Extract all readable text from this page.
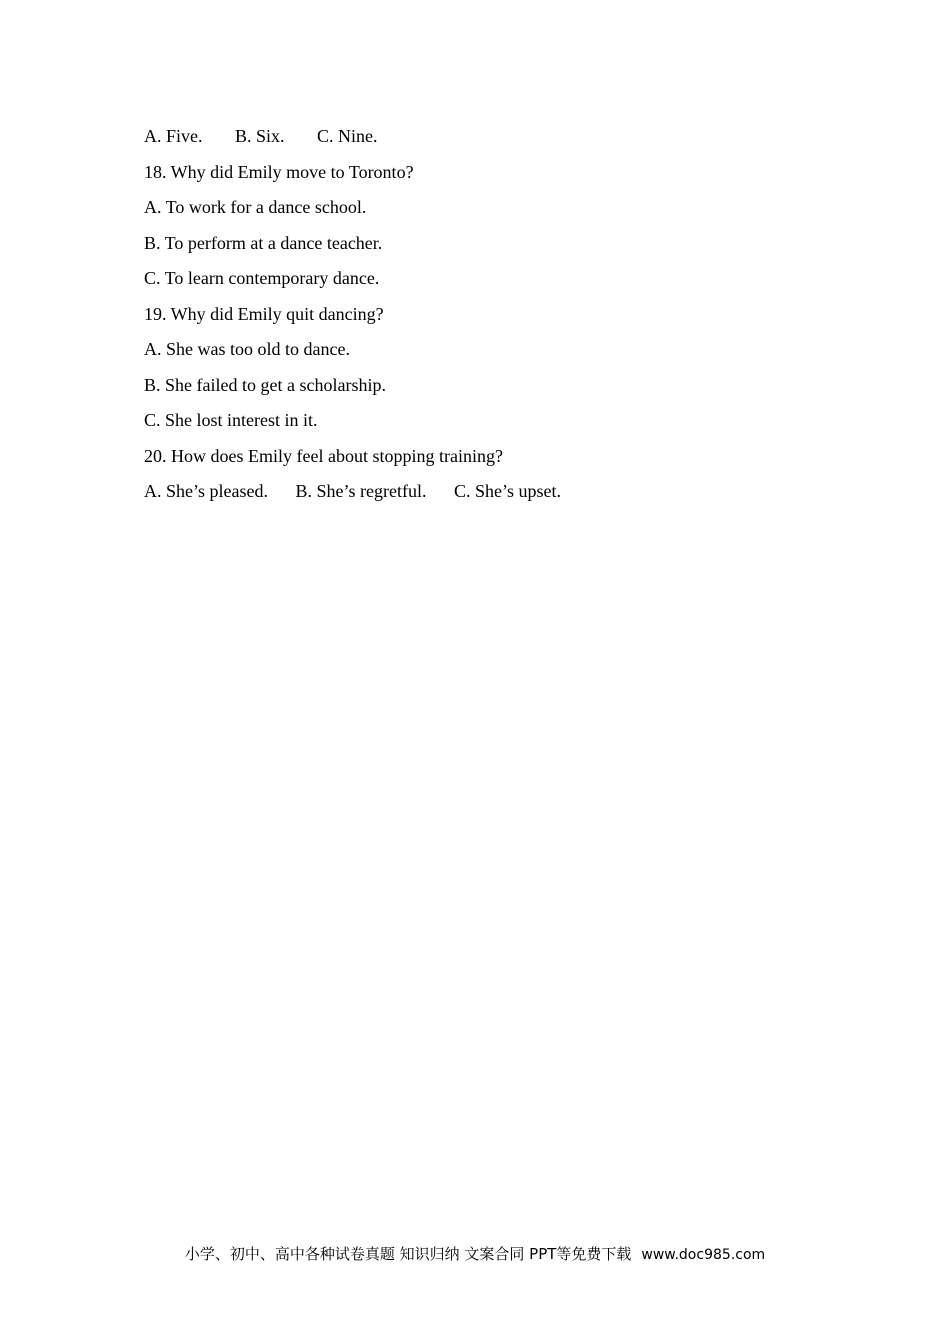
A. Five. B. Six. C. Nine.
18. Why did Emily move to Toronto?
A. To work for a dance school.
B. To perform at a dance teacher.
C. To learn contemporary dance.
19. Why did Emily quit dancing?
A. She was too old to dance.
B. She failed to get a scholarship.
C. She lost interest in it.
20. How does Emily feel about stopping training?
A. She’s pleased. B. She’s regretful. C. She’s upset.
小学、初中、高中各种试卷真题 知识归纳 文案合同 PPT等免费下载 www.doc985.com
